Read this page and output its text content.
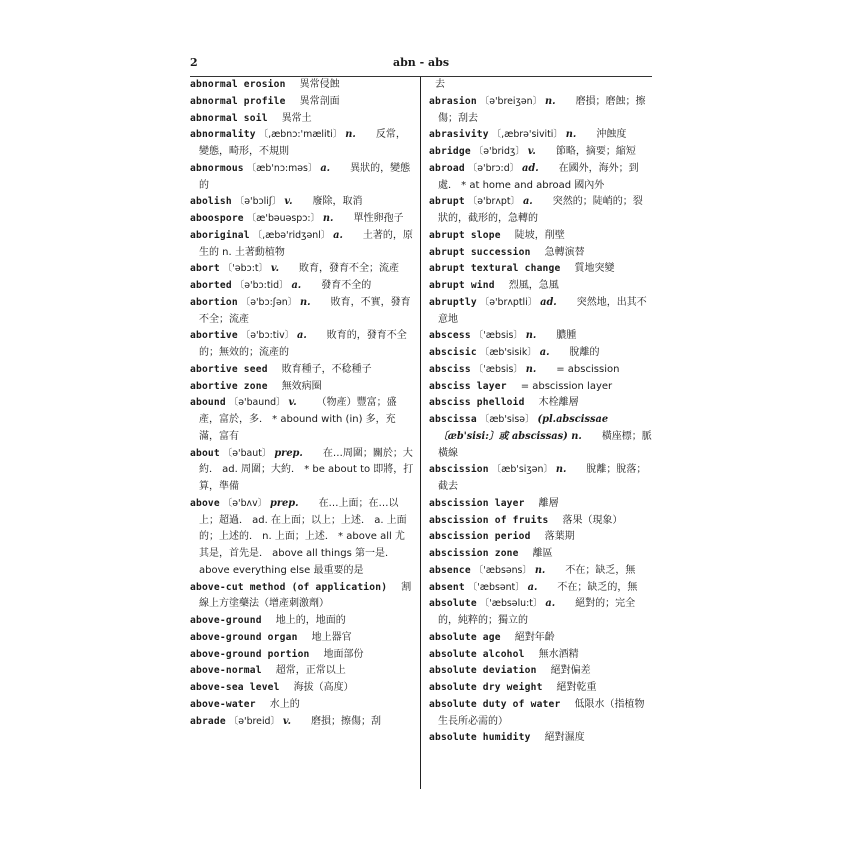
2	abn - abs
abnormal erosion 異常侵蝕
abnormal profile 異常剖面
abnormal soil 異常土
abnormality 〔,æbnɔ:'mæliti〕 n. 反常，變態，畸形，不規則
abnormous 〔æb'nɔ:məs〕 a. 異狀的，變態的
abolish 〔ə'bɔliʃ〕 v. 廢除，取消
aboospore 〔æ'bəuəspɔ:〕 n. 單性卵孢子
aboriginal 〔,æbə'ridʒənl〕 a. 土著的，原生的 n. 土著動植物
abort 〔'əbɔ:t〕 v. 敗育，發育不全；流產
aborted 〔ə'bɔ:tid〕 a. 發育不全的
abortion 〔ə'bɔ:ʃən〕 n. 敗育，不實，發育不全；流產
abortive 〔ə'bɔ:tiv〕 a. 敗育的，發育不全的；無效的；流產的
abortive seed 敗育種子，不稔種子
abortive zone 無效病圈
abound 〔ə'baund〕 v. （物產）豐富；盛產，富於，多． * abound with (in) 多，充滿，富有
about 〔ə'baut〕 prep. 在…周圍；關於；大約． ad. 周圍；大約． * be about to 即將，打算，準備
above 〔ə'bʌv〕 prep. 在…上面；在…以上；超過． ad. 在上面；以上；上述． a. 上面的；上述的． n. 上面；上述． * above all 尤其是，首先是． above all things 第一是． above everything else 最重要的是
above-cut method (of application) 割線上方塗藥法（增產刺激劑）
above-ground 地上的，地面的
above-ground organ 地上器官
above-ground portion 地面部份
above-normal 超常，正常以上
above-sea level 海拔（高度）
above-water 水上的
abrade 〔ə'breid〕 v. 磨損；擦傷；刮
去
abrasion 〔ə'breiʒən〕 n. 磨損；磨蝕；擦傷；刮去
abrasivity 〔,æbrə'siviti〕 n. 沖蝕度
abridge 〔ə'bridʒ〕 v. 節略，摘要；縮短
abroad 〔ə'brɔ:d〕 ad. 在國外，海外；到處． * at home and abroad 國內外
abrupt 〔ə'brʌpt〕 a. 突然的；陡峭的；裂狀的，截形的，急轉的
abrupt slope 陡坡，削壁
abrupt succession 急轉演替
abrupt textural change 質地突變
abrupt wind 烈風，急風
abruptly 〔ə'brʌptli〕 ad. 突然地，出其不意地
abscess 〔'æbsis〕 n. 膿腫
abscisic 〔æb'sisik〕 a. 脫離的
absciss 〔'æbsis〕 n. = abscission
absciss layer = abscission layer
absciss phelloid 木栓離層
abscissa 〔æb'sisə〕 (pl.abscissae 〔æb'sisi:〕或 abscissas) n. 橫座標；脈橫線
abscission 〔æb'siʒən〕 n. 脫離；脫落；截去
abscission layer 離層
abscission of fruits 落果（現象）
abscission period 落葉期
abscission zone 離區
absence 〔'æbsəns〕 n. 不在；缺乏，無
absent 〔'æbsənt〕 a. 不在；缺乏的，無
absolute 〔'æbsəlu:t〕 a. 絕對的；完全的，純粹的；獨立的
absolute age 絕對年齡
absolute alcohol 無水酒精
absolute deviation 絕對偏差
absolute dry weight 絕對乾重
absolute duty of water 低限水（指植物生長所必需的）
absolute humidity 絕對濕度
